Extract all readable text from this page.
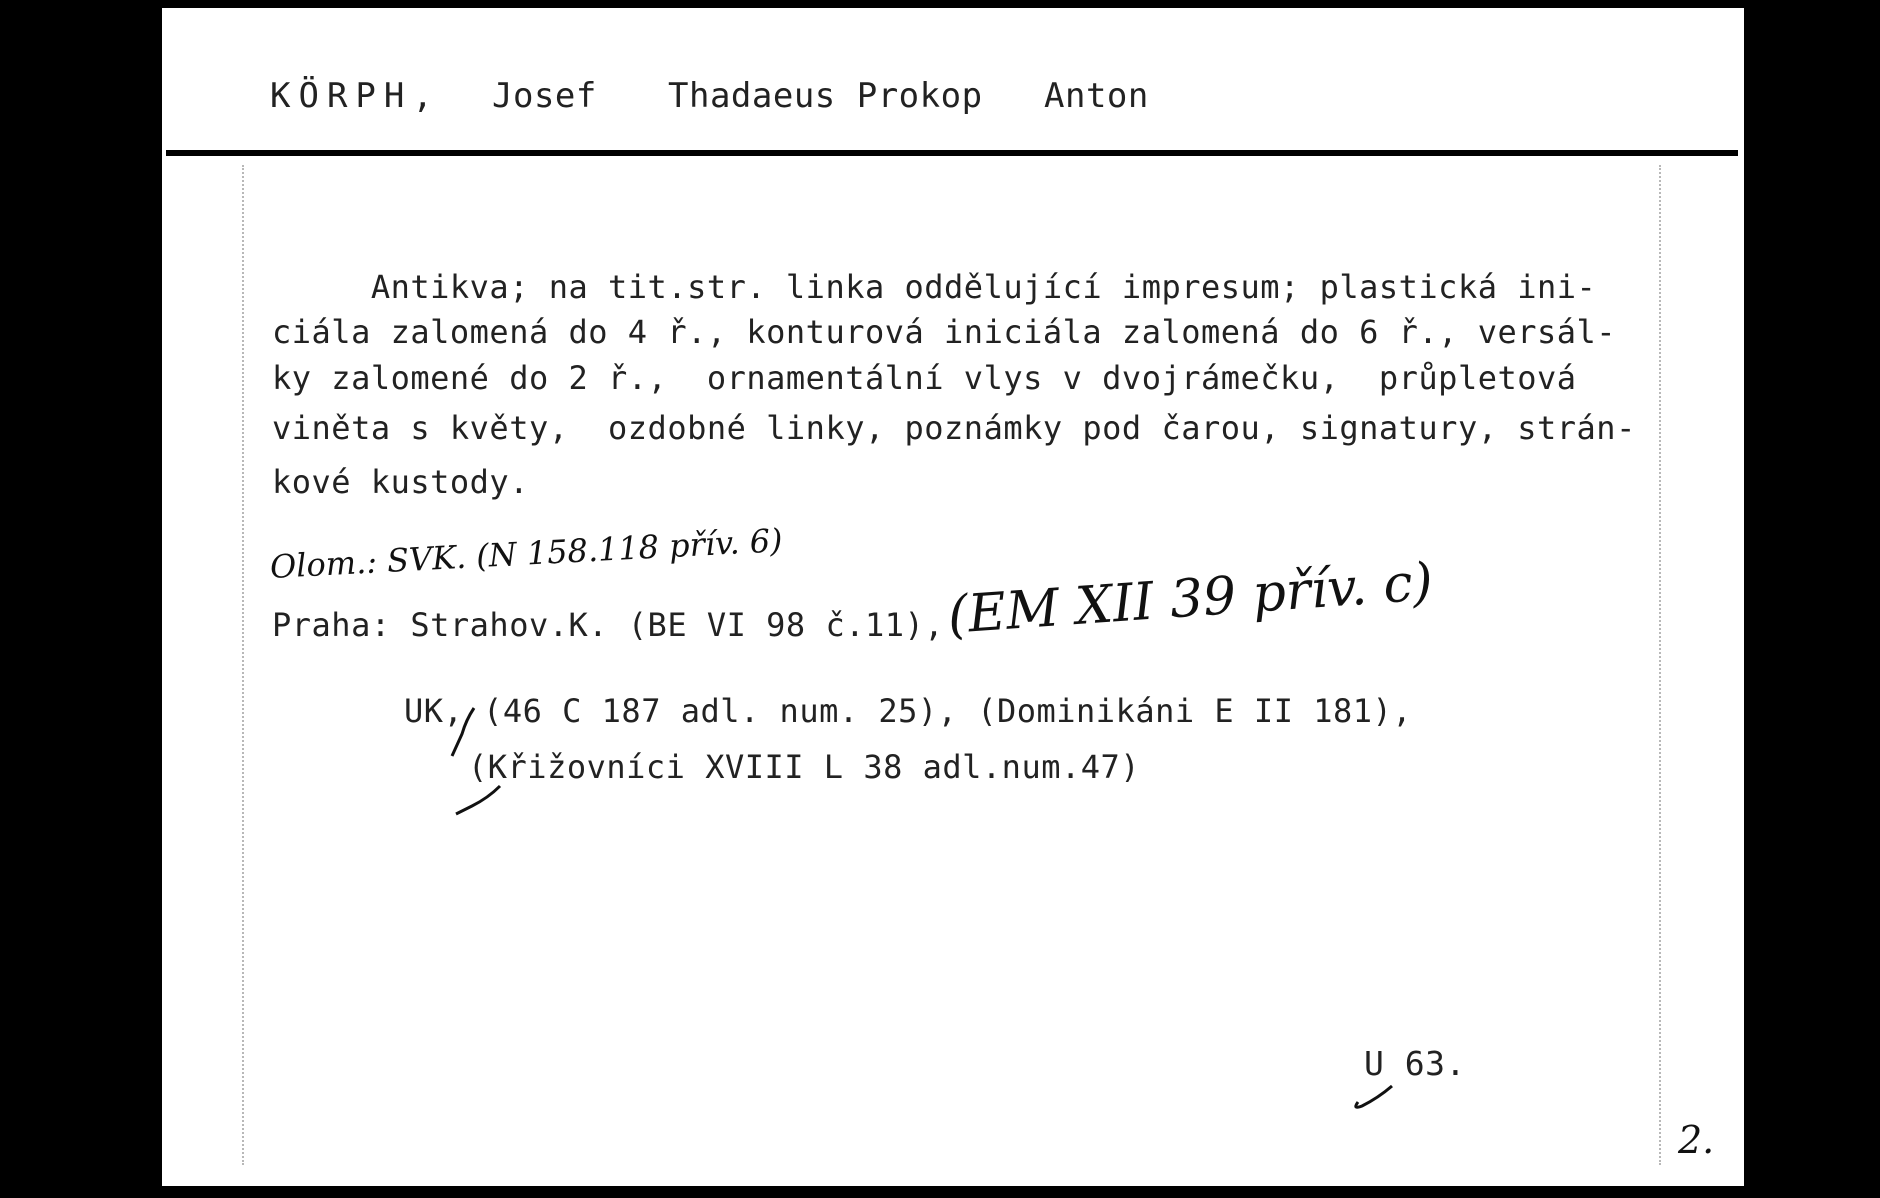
KÖRPH, Josef Thadaeus Prokop Anton
Antikva; na tit.str. linka oddělující impresum; plastická ini-
ciála zalomená do 4 ř., konturová iniciála zalomená do 6 ř., versál-
ky zalomené do 2 ř.,  ornamentální vlys v dvojrámečku,  průpletová
viněta s květy,  ozdobné linky, poznámky pod čarou, signatury, strán-
kové kustody.
Olom.: SVK. (N 158.118 přív. 6)
Praha: Strahov.K. (BE VI 98 č.11), (EM XII 39 přív. c)
UK, (46 C 187 adl. num. 25), (Dominikáni E II 181),
(Křižovníci XVIII L 38 adl.num.47)
U 63.
2.
